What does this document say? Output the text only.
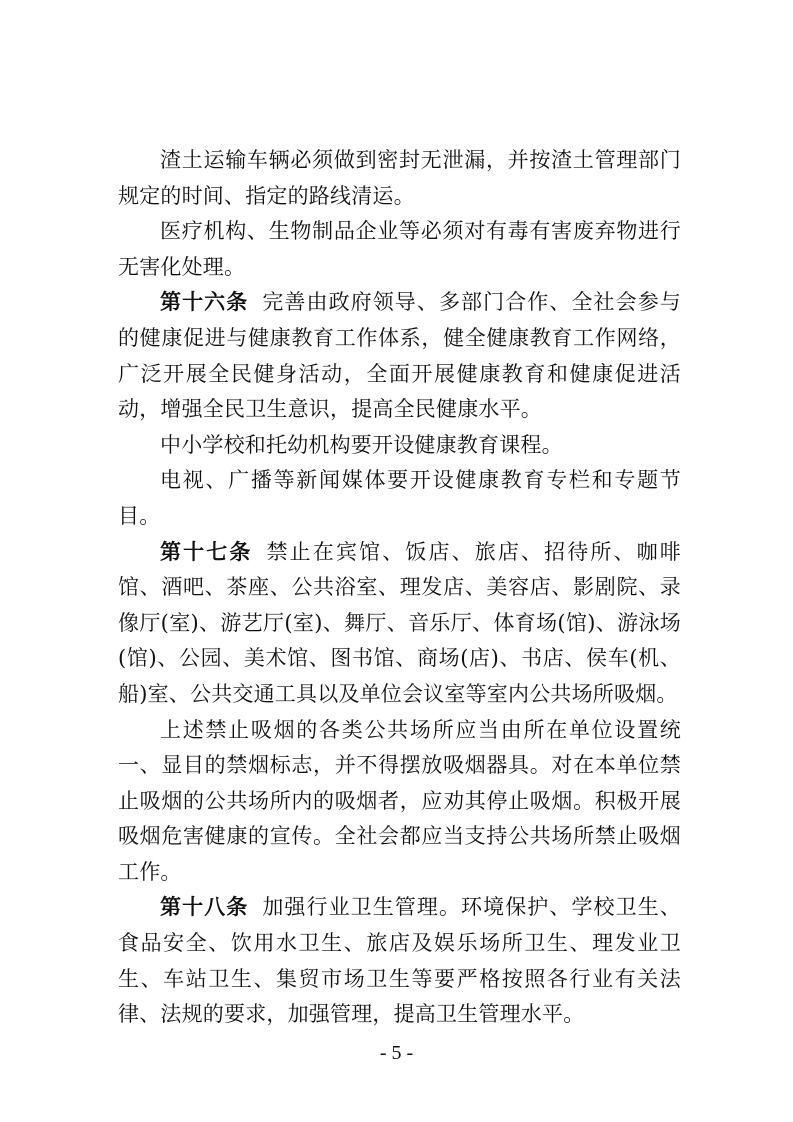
渣土运输车辆必须做到密封无泄漏，并按渣土管理部门规定的时间、指定的路线清运。

医疗机构、生物制品企业等必须对有毒有害废弃物进行无害化处理。

第十六条 完善由政府领导、多部门合作、全社会参与的健康促进与健康教育工作体系，健全健康教育工作网络，广泛开展全民健身活动，全面开展健康教育和健康促进活动，增强全民卫生意识，提高全民健康水平。

中小学校和托幼机构要开设健康教育课程。

电视、广播等新闻媒体要开设健康教育专栏和专题节目。

第十七条 禁止在宾馆、饭店、旅店、招待所、咖啡馆、酒吧、茶座、公共浴室、理发店、美容店、影剧院、录像厅(室)、游艺厅(室)、舞厅、音乐厅、体育场(馆)、游泳场(馆)、公园、美术馆、图书馆、商场(店)、书店、侯车(机、船)室、公共交通工具以及单位会议室等室内公共场所吸烟。

上述禁止吸烟的各类公共场所应当由所在单位设置统一、显目的禁烟标志，并不得摆放吸烟器具。对在本单位禁止吸烟的公共场所内的吸烟者，应劝其停止吸烟。积极开展吸烟危害健康的宣传。全社会都应当支持公共场所禁止吸烟工作。

第十八条 加强行业卫生管理。环境保护、学校卫生、食品安全、饮用水卫生、旅店及娱乐场所卫生、理发业卫生、车站卫生、集贸市场卫生等要严格按照各行业有关法律、法规的要求，加强管理，提高卫生管理水平。

- 5 -
